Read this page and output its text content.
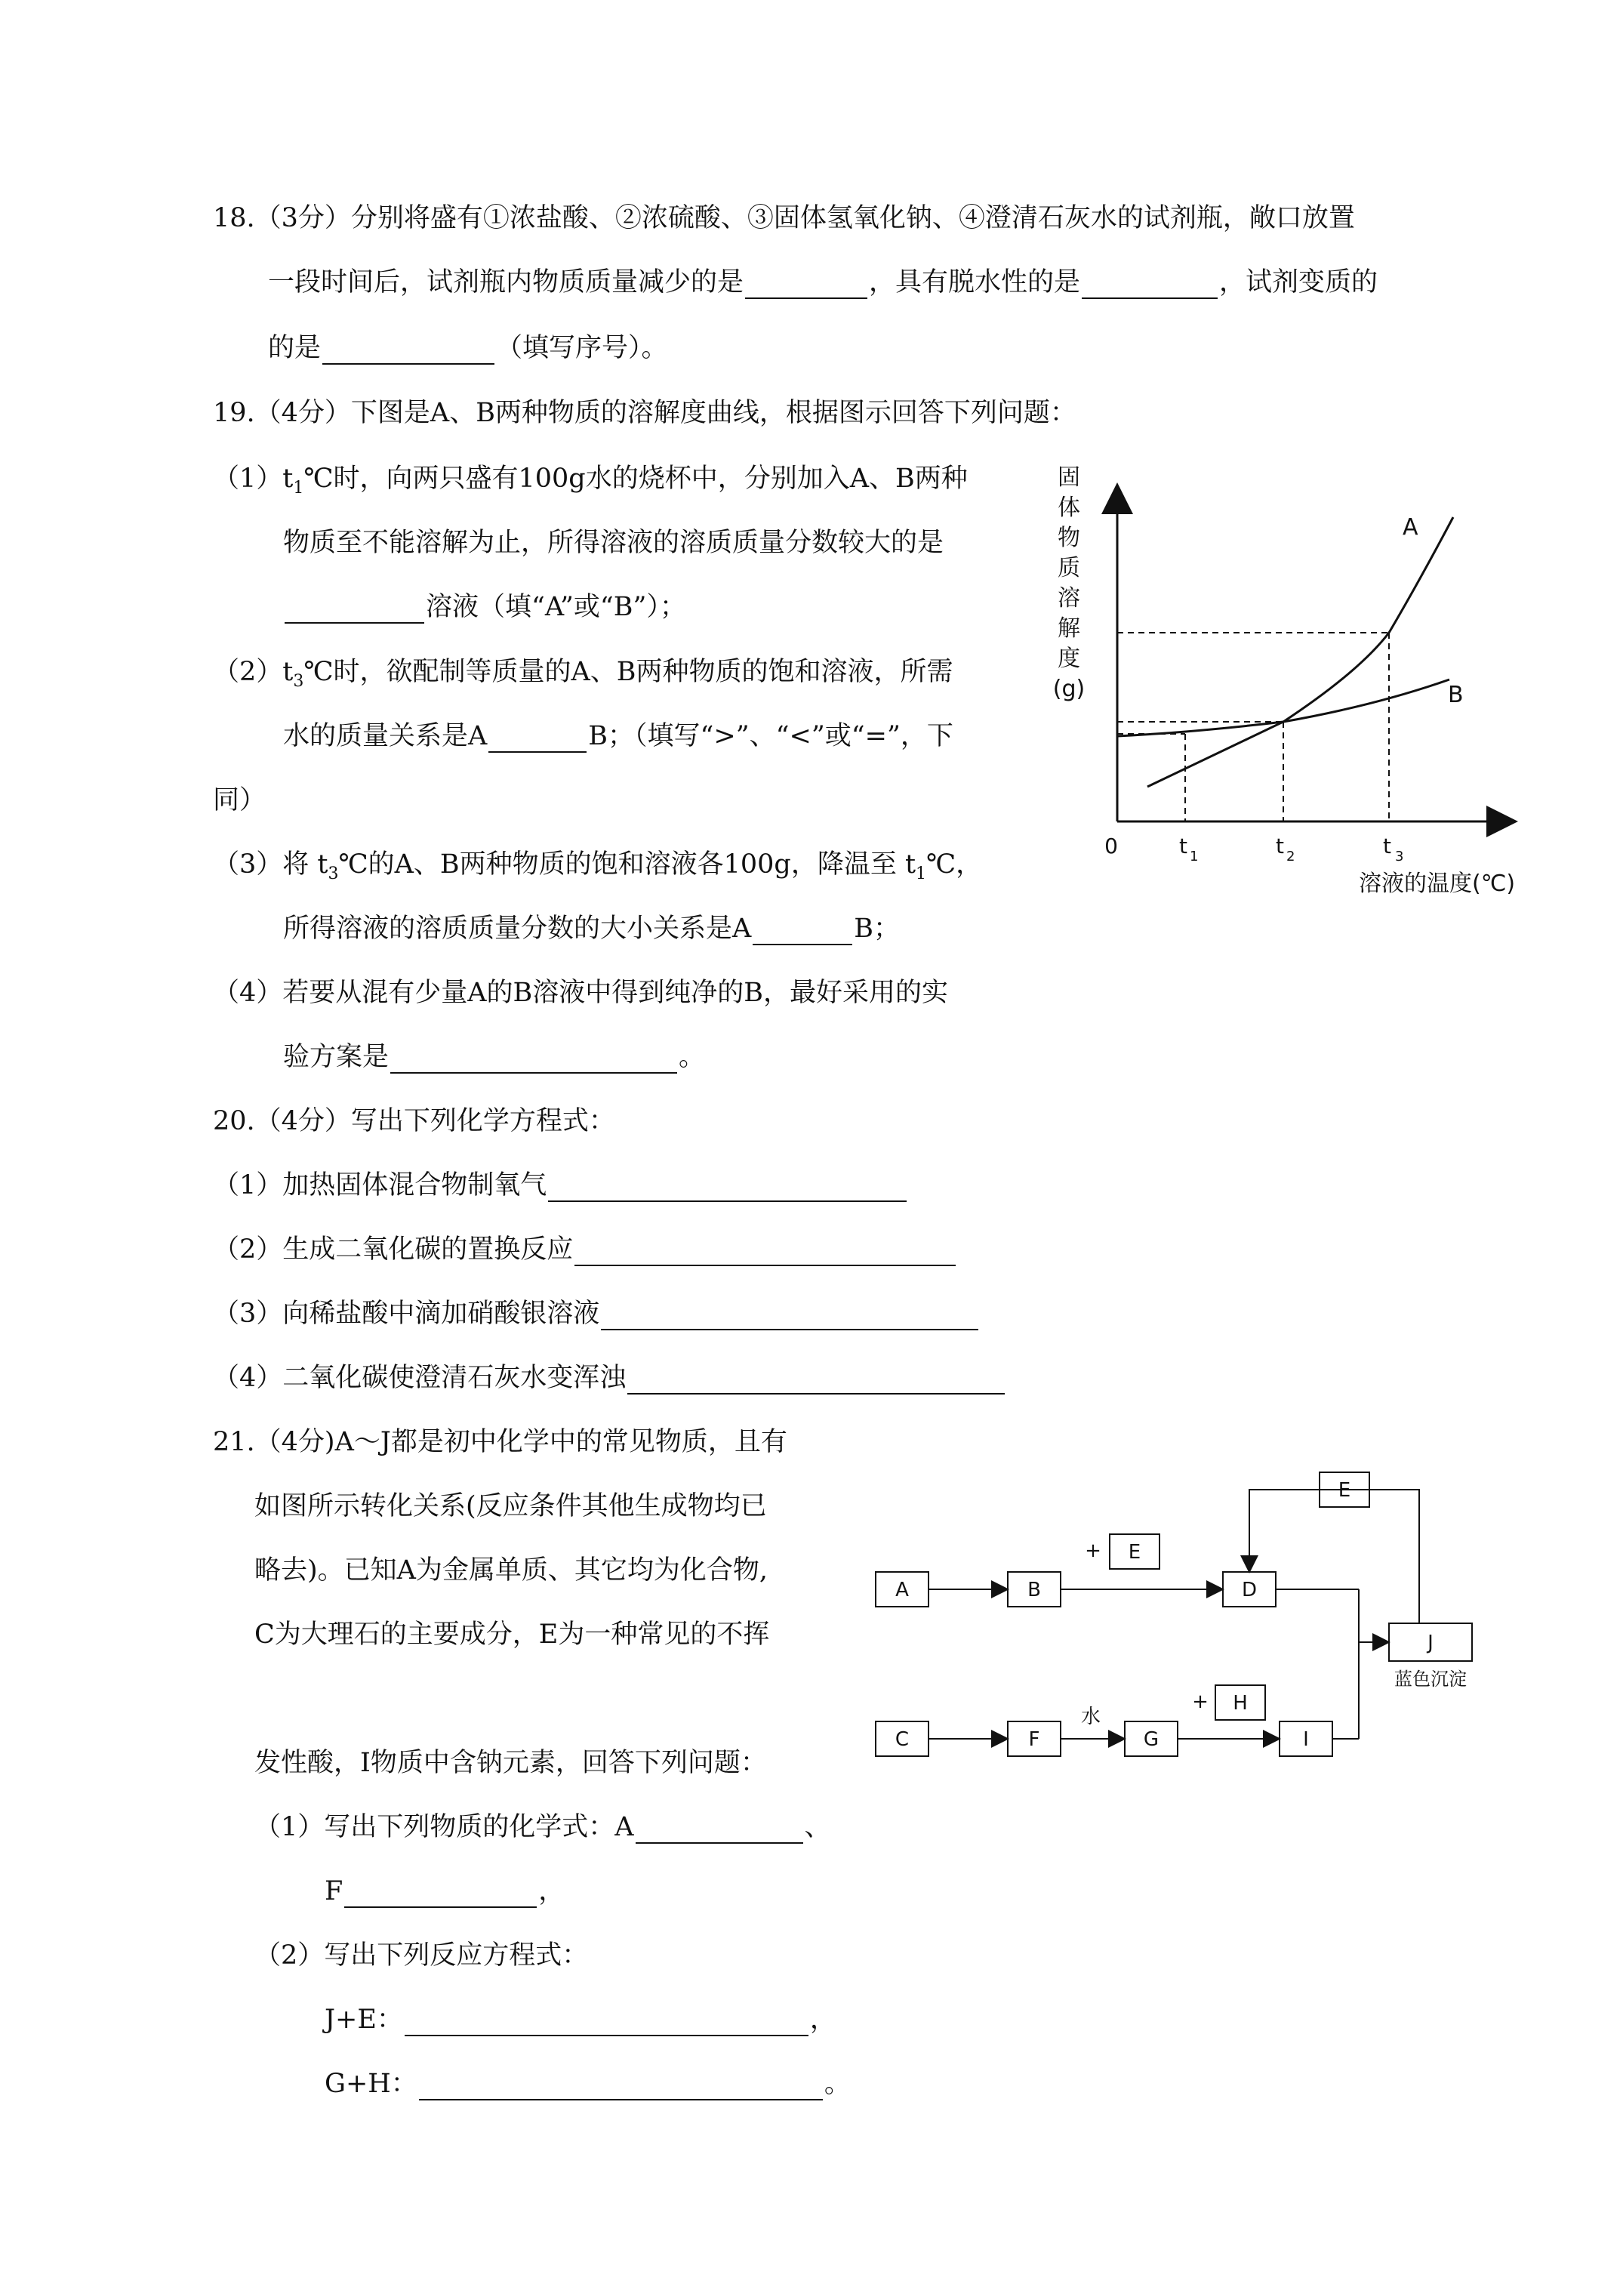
18.（3分）分别将盛有①浓盐酸、②浓硫酸、③固体氢氧化钠、④澄清石灰水的试剂瓶，敞口放置
一段时间后，试剂瓶内物质质量减少的是	，具有脱水性的是	，试剂变质的
的是	（填写序号）。
19.（4分）下图是A、B两种物质的溶解度曲线，根据图示回答下列问题：
$(1)t_1℃$时，向两只盛有100g水的烧杯中，分别加入A、B两种
物质至不能溶解为止，所得溶液的溶质质量分数较大的是
溶液（填“A”或“B”）；
$(2)t_3℃$时，欲配制等质量的A、B两种物质的饱和溶液，所需
水的质量关系是A	B；（填写“>”、“<”或“=”，下
同）
（3）将 $t_3℃$的A、B两种物质的饱和溶液各100g，降温至 $t_1℃$，
所得溶液的溶质质量分数的大小关系是A	B；
（4）若要从混有少量A的B溶液中得到纯净的B，最好采用的实
验方案是	。
固
体
物
质
溶
解
度
(g)
A
B
0	t 1	t 2	t 3
溶液的温度(℃)
20.（4分）写出下列化学方程式：
（1）加热固体混合物制氧气
（2）生成二氧化碳的置换反应
（3）向稀盐酸中滴加硝酸银溶液
（4）二氧化碳使澄清石灰水变浑浊
21.（4分)A～J都是初中化学中的常见物质，且有
如图所示转化关系(反应条件其他生成物均已
略去)。已知A为金属单质、其它均为化合物,
C为大理石的主要成分，E为一种常见的不挥
发性酸，I物质中含钠元素，回答下列问题：
（1）写出下列物质的化学式：A	、
F	，
（2）写出下列反应方程式：
J+E：	，
G+H：	。
A	B	D
E
E
J
C	F	G
H
I
+
+
水
蓝色沉淀
